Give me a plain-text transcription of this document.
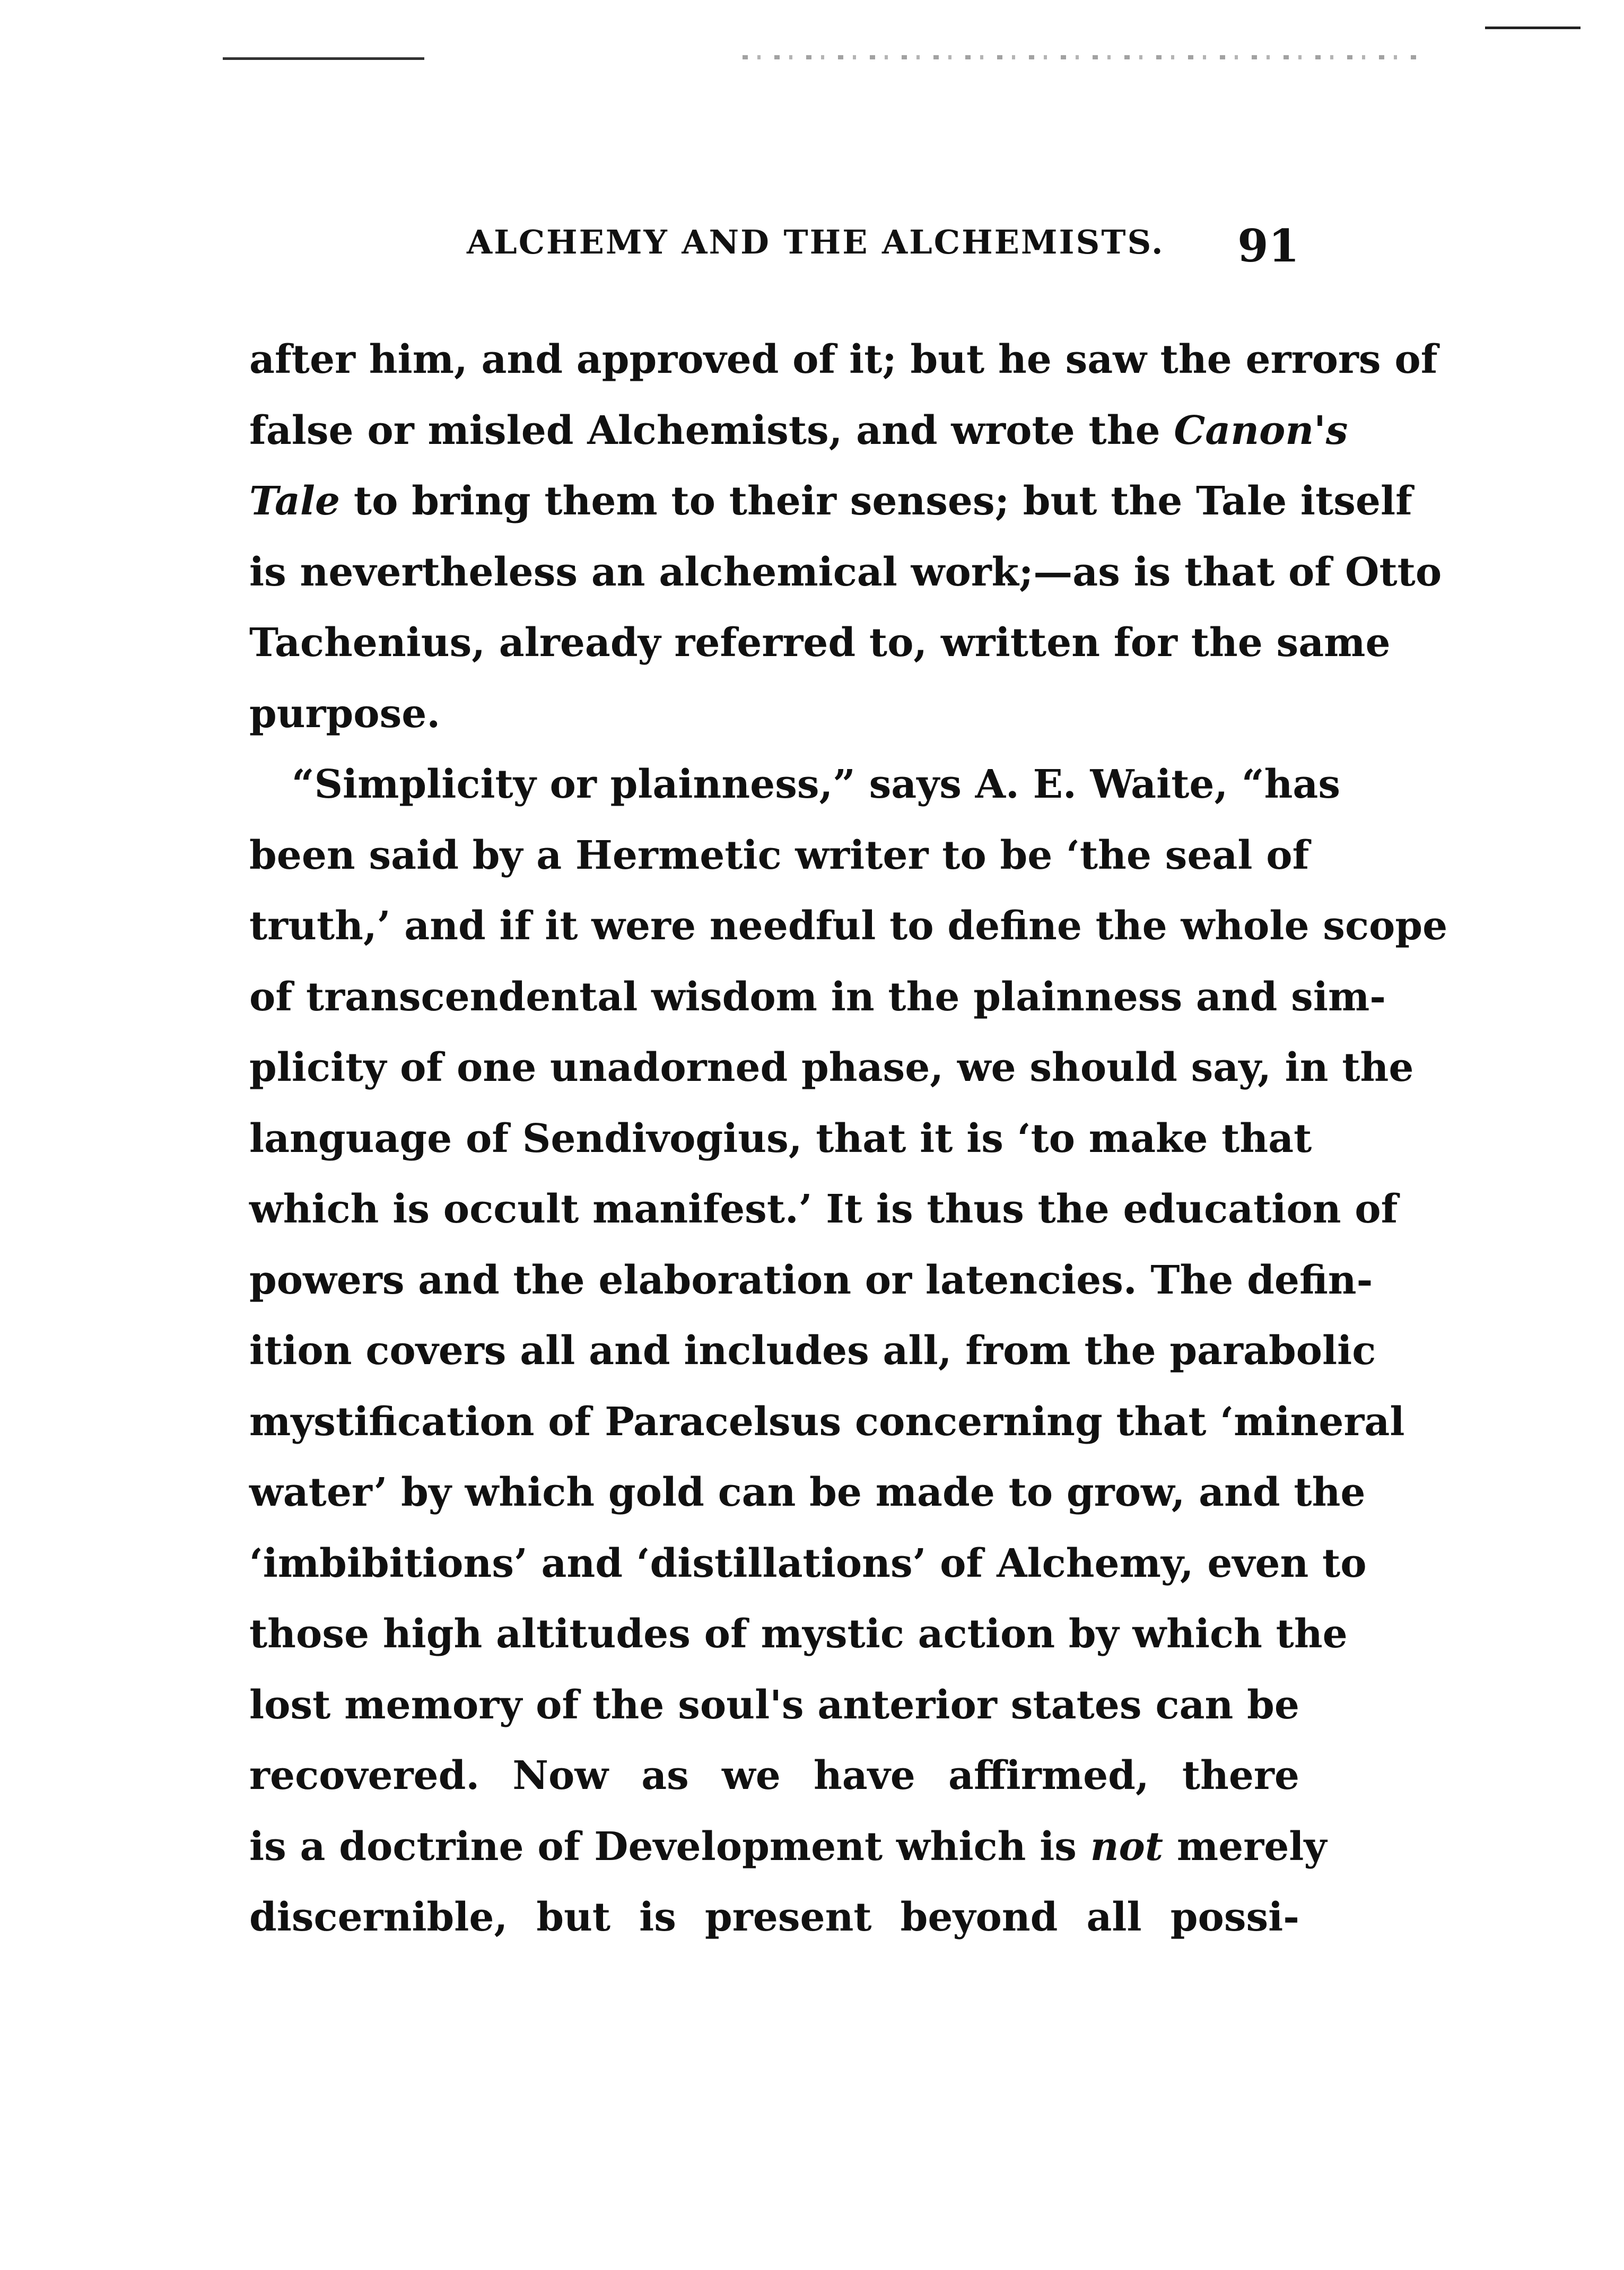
ALCHEMY AND THE ALCHEMISTS. 91
after him, and approved of it; but he saw the errors of
false or misled Alchemists, and wrote the Canon's
Tale to bring them to their senses; but the Tale itself
is nevertheless an alchemical work;—as is that of Otto
Tachenius, already referred to, written for the same
purpose.
“Simplicity or plainness,” says A. E. Waite, “has
been said by a Hermetic writer to be ‘the seal of
truth,’ and if it were needful to define the whole scope
of transcendental wisdom in the plainness and sim-
plicity of one unadorned phase, we should say, in the
language of Sendivogius, that it is ‘to make that
which is occult manifest.’ It is thus the education of
powers and the elaboration or latencies. The defin-
ition covers all and includes all, from the parabolic
mystification of Paracelsus concerning that ‘mineral
water’ by which gold can be made to grow, and the
‘imbibitions’ and ‘distillations’ of Alchemy, even to
those high altitudes of mystic action by which the
lost memory of the soul's anterior states can be
recovered. Now as we have affirmed, there
is a doctrine of Development which is not merely
discernible, but is present beyond all possi-
